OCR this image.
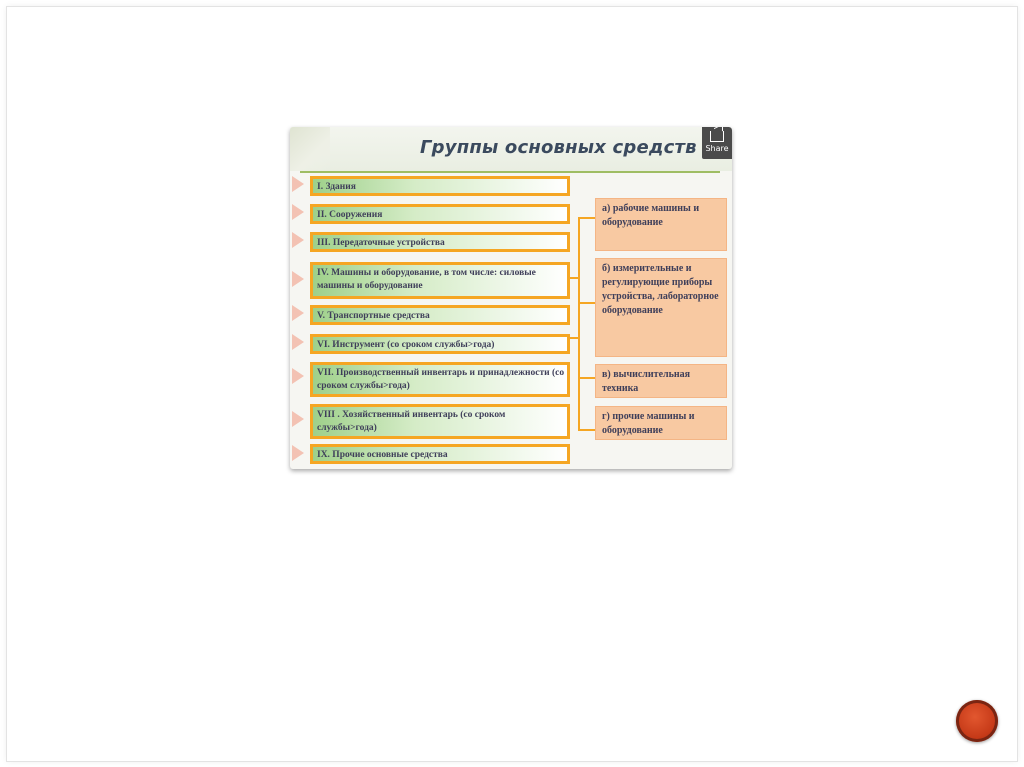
Группы основных средств	Share
I. Здания
II. Сооружения
III. Передаточные устройства
IV. Машины и оборудование, в том числе: силовые машины и оборудование
V. Транспортные средства
VI. Инструмент (со сроком службы>года)
VII. Производственный инвентарь и принадлежности (со сроком службы>года)
VIII . Хозяйственный инвентарь (со сроком службы>года)
IX. Прочие основные средства
а) рабочие машины и оборудование
б) измерительные и регулирующие приборы устройства, лабораторное оборудование
в) вычислительная техника
г) прочие машины и оборудование
